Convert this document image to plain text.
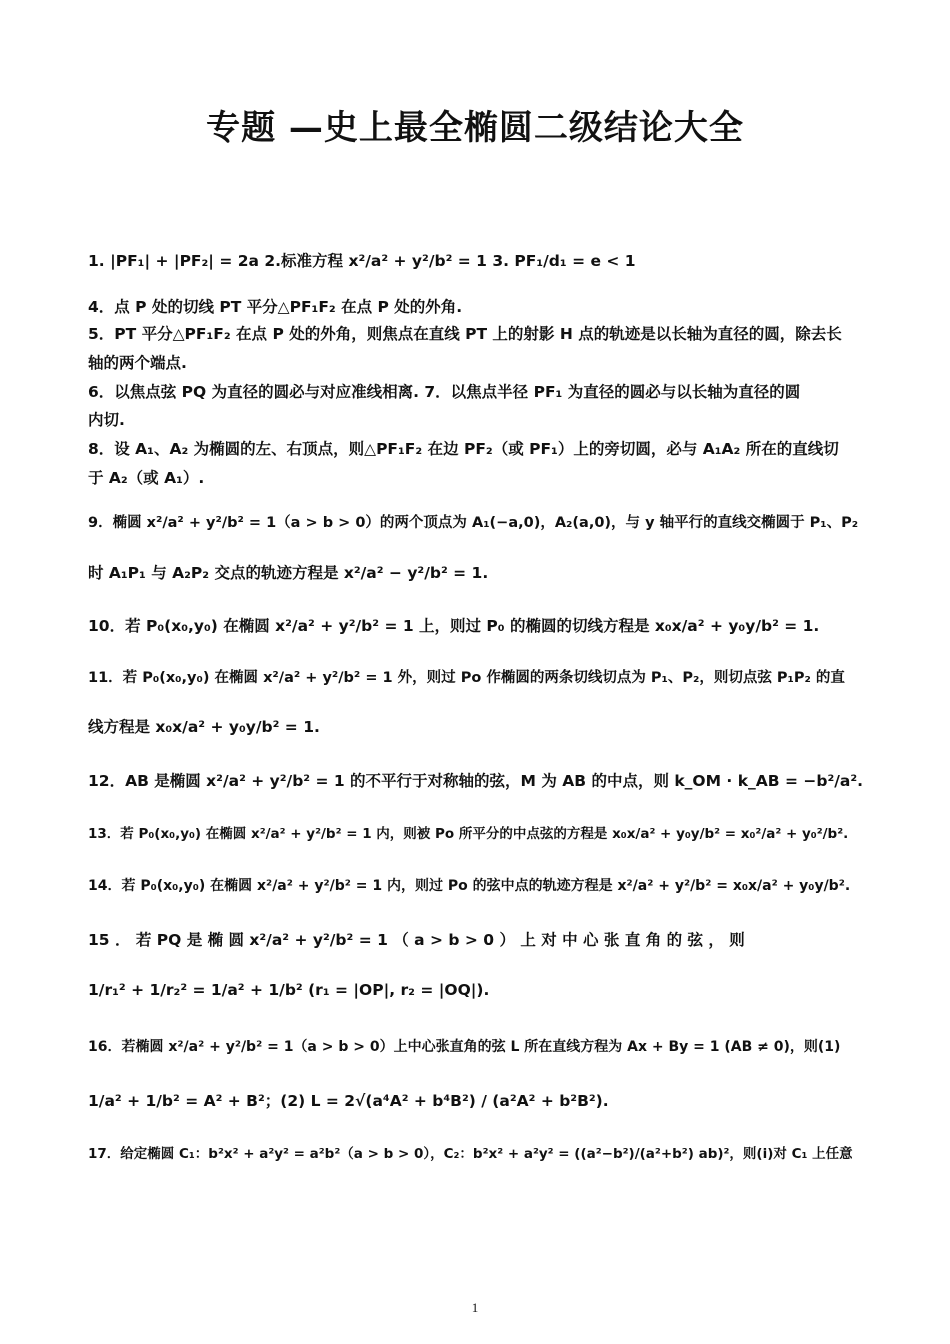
专题 —史上最全椭圆二级结论大全
1. |PF₁| + |PF₂| = 2a 2.标准方程 x²/a² + y²/b² = 1 3. PF₁/d₁ = e < 1
4．点 P 处的切线 PT 平分△PF₁F₂ 在点 P 处的外角.
5．PT 平分△PF₁F₂ 在点 P 处的外角，则焦点在直线 PT 上的射影 H 点的轨迹是以长轴为直径的圆，除去长
轴的两个端点.
6．以焦点弦 PQ 为直径的圆必与对应准线相离. 7．以焦点半径 PF₁ 为直径的圆必与以长轴为直径的圆
内切.
8．设 A₁、A₂ 为椭圆的左、右顶点，则△PF₁F₂ 在边 PF₂（或 PF₁）上的旁切圆，必与 A₁A₂ 所在的直线切
于 A₂（或 A₁）.
9．椭圆 x²/a² + y²/b² = 1（a > b > 0）的两个顶点为 A₁(−a,0)，A₂(a,0)，与 y 轴平行的直线交椭圆于 P₁、P₂
时 A₁P₁ 与 A₂P₂ 交点的轨迹方程是 x²/a² − y²/b² = 1.
10．若 P₀(x₀,y₀) 在椭圆 x²/a² + y²/b² = 1 上，则过 P₀ 的椭圆的切线方程是 x₀x/a² + y₀y/b² = 1.
11．若 P₀(x₀,y₀) 在椭圆 x²/a² + y²/b² = 1 外，则过 Po 作椭圆的两条切线切点为 P₁、P₂，则切点弦 P₁P₂ 的直
线方程是 x₀x/a² + y₀y/b² = 1.
12．AB 是椭圆 x²/a² + y²/b² = 1 的不平行于对称轴的弦，M 为 AB 的中点，则 k_OM · k_AB = −b²/a².
13．若 P₀(x₀,y₀) 在椭圆 x²/a² + y²/b² = 1 内，则被 Po 所平分的中点弦的方程是 x₀x/a² + y₀y/b² = x₀²/a² + y₀²/b².
14．若 P₀(x₀,y₀) 在椭圆 x²/a² + y²/b² = 1 内，则过 Po 的弦中点的轨迹方程是 x²/a² + y²/b² = x₀x/a² + y₀y/b².
15 ． 若 PQ 是 椭 圆 x²/a² + y²/b² = 1 （ a > b > 0 ） 上 对 中 心 张 直 角 的 弦 ， 则
1/r₁² + 1/r₂² = 1/a² + 1/b² (r₁ = |OP|, r₂ = |OQ|).
16．若椭圆 x²/a² + y²/b² = 1（a > b > 0）上中心张直角的弦 L 所在直线方程为 Ax + By = 1 (AB ≠ 0)，则(1)
1/a² + 1/b² = A² + B²；(2) L = 2√(a⁴A² + b⁴B²) / (a²A² + b²B²).
17．给定椭圆 C₁：b²x² + a²y² = a²b²（a > b > 0），C₂：b²x² + a²y² = ((a²−b²)/(a²+b²) ab)²，则(i)对 C₁ 上任意
1
